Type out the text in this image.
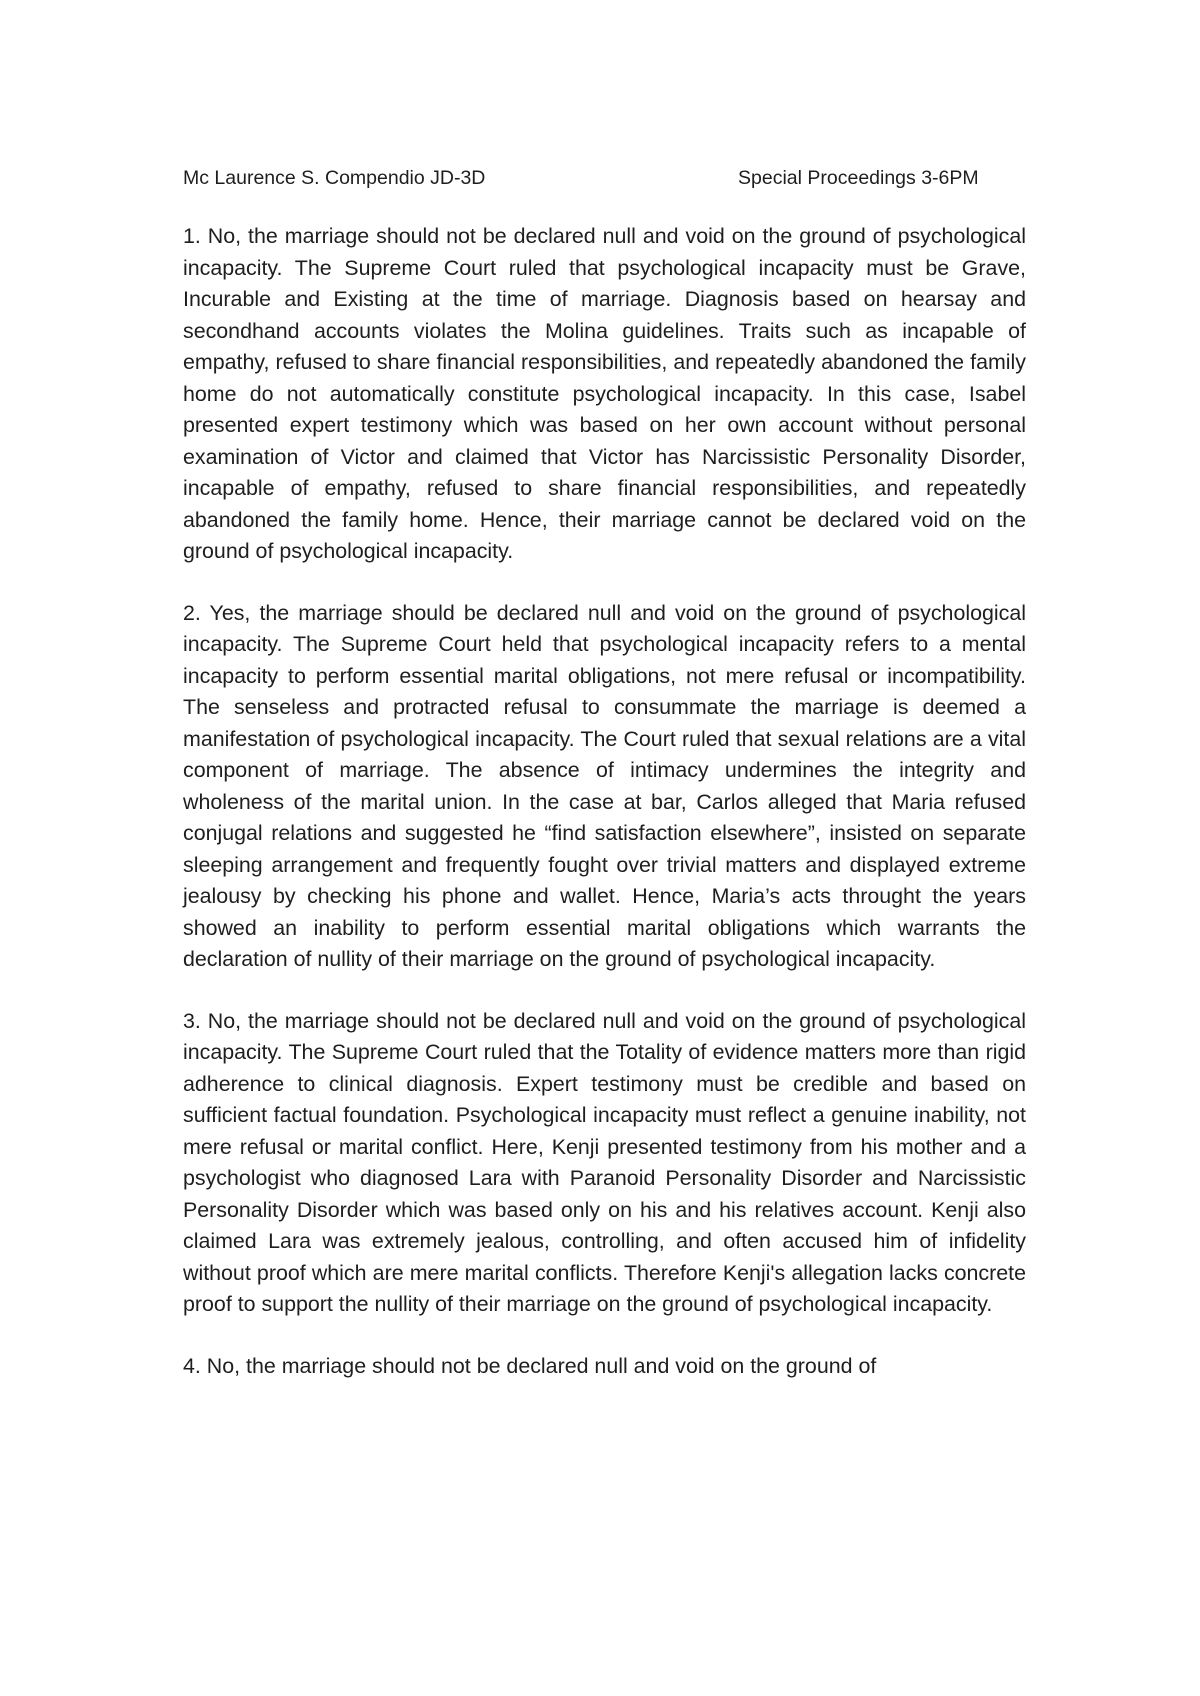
Mc Laurence S. Compendio JD-3D	Special Proceedings 3-6PM

1. No, the marriage should not be declared null and void on the ground of psychological incapacity. The Supreme Court ruled that psychological incapacity must be Grave, Incurable and Existing at the time of marriage. Diagnosis based on hearsay and secondhand accounts violates the Molina guidelines. Traits such as incapable of empathy, refused to share financial responsibilities, and repeatedly abandoned the family home do not automatically constitute psychological incapacity. In this case, Isabel presented expert testimony which was based on her own account without personal examination of Victor and claimed that Victor has Narcissistic Personality Disorder, incapable of empathy, refused to share financial responsibilities, and repeatedly abandoned the family home. Hence, their marriage cannot be declared void on the ground of psychological incapacity.

2. Yes, the marriage should be declared null and void on the ground of psychological incapacity. The Supreme Court held that psychological incapacity refers to a mental incapacity to perform essential marital obligations, not mere refusal or incompatibility. The senseless and protracted refusal to consummate the marriage is deemed a manifestation of psychological incapacity. The Court ruled that sexual relations are a vital component of marriage. The absence of intimacy undermines the integrity and wholeness of the marital union. In the case at bar, Carlos alleged that Maria refused conjugal relations and suggested he “find satisfaction elsewhere”, insisted on separate sleeping arrangement and frequently fought over trivial matters and displayed extreme jealousy by checking his phone and wallet. Hence, Maria’s acts throught the years showed an inability to perform essential marital obligations which warrants the declaration of nullity of their marriage on the ground of psychological incapacity.

3. No, the marriage should not be declared null and void on the ground of psychological incapacity. The Supreme Court ruled that the Totality of evidence matters more than rigid adherence to clinical diagnosis. Expert testimony must be credible and based on sufficient factual foundation. Psychological incapacity must reflect a genuine inability, not mere refusal or marital conflict. Here, Kenji presented testimony from his mother and a psychologist who diagnosed Lara with Paranoid Personality Disorder and Narcissistic Personality Disorder which was based only on his and his relatives account. Kenji also claimed Lara was extremely jealous, controlling, and often accused him of infidelity without proof which are mere marital conflicts. Therefore Kenji's allegation lacks concrete proof to support the nullity of their marriage on the ground of psychological incapacity.

4. No, the marriage should not be declared null and void on the ground of
